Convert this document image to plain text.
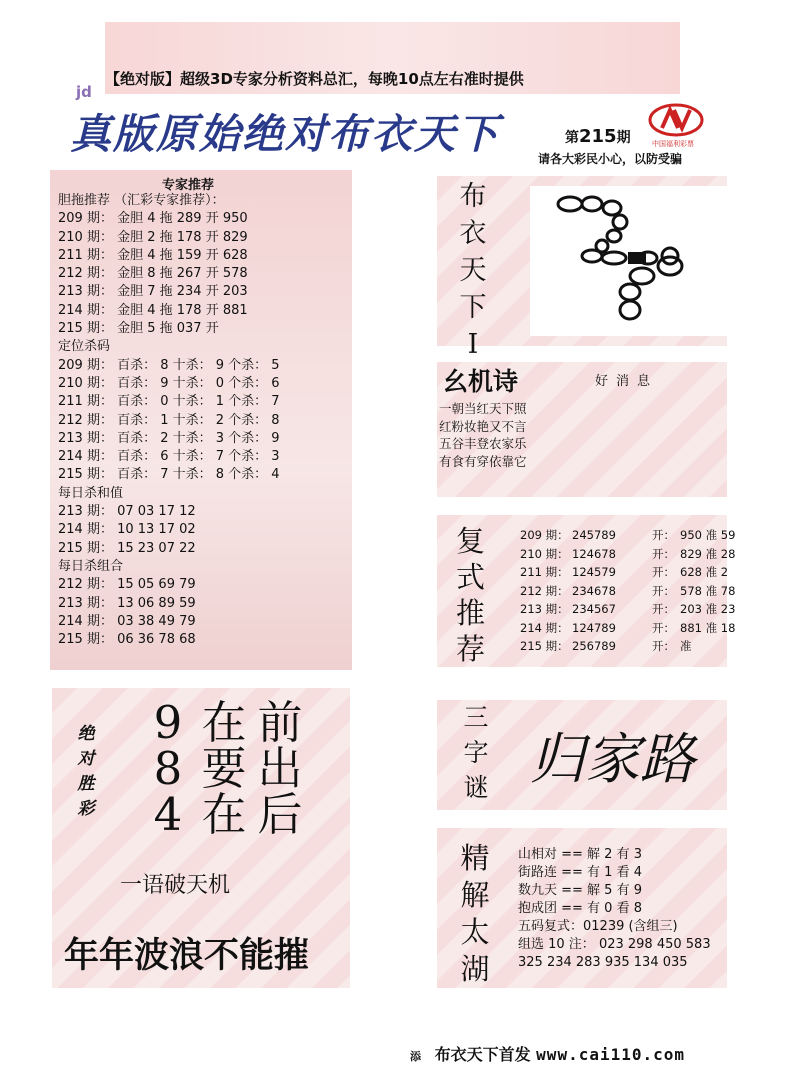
【绝对版】超级3D专家分析资料总汇，每晚10点左右准时提供
jd
真版原始绝对布衣天下	第215期
请各大彩民小心，以防受骗
中国福利彩票
专家推荐
胆拖推荐 （汇彩专家推荐）：
209 期： 金胆 4 拖 289 开 950
210 期： 金胆 2 拖 178 开 829
211 期： 金胆 4 拖 159 开 628
212 期： 金胆 8 拖 267 开 578
213 期： 金胆 7 拖 234 开 203
214 期： 金胆 4 拖 178 开 881
215 期： 金胆 5 拖 037 开
定位杀码
209 期： 百杀： 8 十杀： 9 个杀： 5
210 期： 百杀： 9 十杀： 0 个杀： 6
211 期： 百杀： 0 十杀： 1 个杀： 7
212 期： 百杀： 1 十杀： 2 个杀： 8
213 期： 百杀： 2 十杀： 3 个杀： 9
214 期： 百杀： 6 十杀： 7 个杀： 3
215 期： 百杀： 7 十杀： 8 个杀： 4
每日杀和值
213 期： 07 03 17 12
214 期： 10 13 17 02
215 期： 15 23 07 22
每日杀组合
212 期： 15 05 69 79
213 期： 13 06 89 59
214 期： 03 38 49 79
215 期： 06 36 78 68
布
衣
天
下
I
幺机诗	好消息
一朝当红天下照
红粉妆艳又不言
五谷丰登农家乐
有食有穿依靠它
复
式
推
荐
209 期： 245789	开： 950 准 59
210 期： 124678	开： 829 准 28
211 期： 124579	开： 628 准 2
212 期： 234678	开： 578 准 78
213 期： 234567	开： 203 准 23
214 期： 124789	开： 881 准 18
215 期： 256789	开： 准
绝
对
胜
彩
9 在 前
8 要 出
4 在 后
一语破天机
年年波浪不能摧
三
字
谜 归家路
精
解
太
湖
山相对 == 解 2 有 3
街路连 == 有 1 看 4
数九天 == 解 5 有 9
抱成团 == 有 0 看 8
五码复式：01239 (含组三)
组选 10 注： 023 298 450 583
325 234 283 935 134 035
添 布衣天下首发 www.cai110.com
